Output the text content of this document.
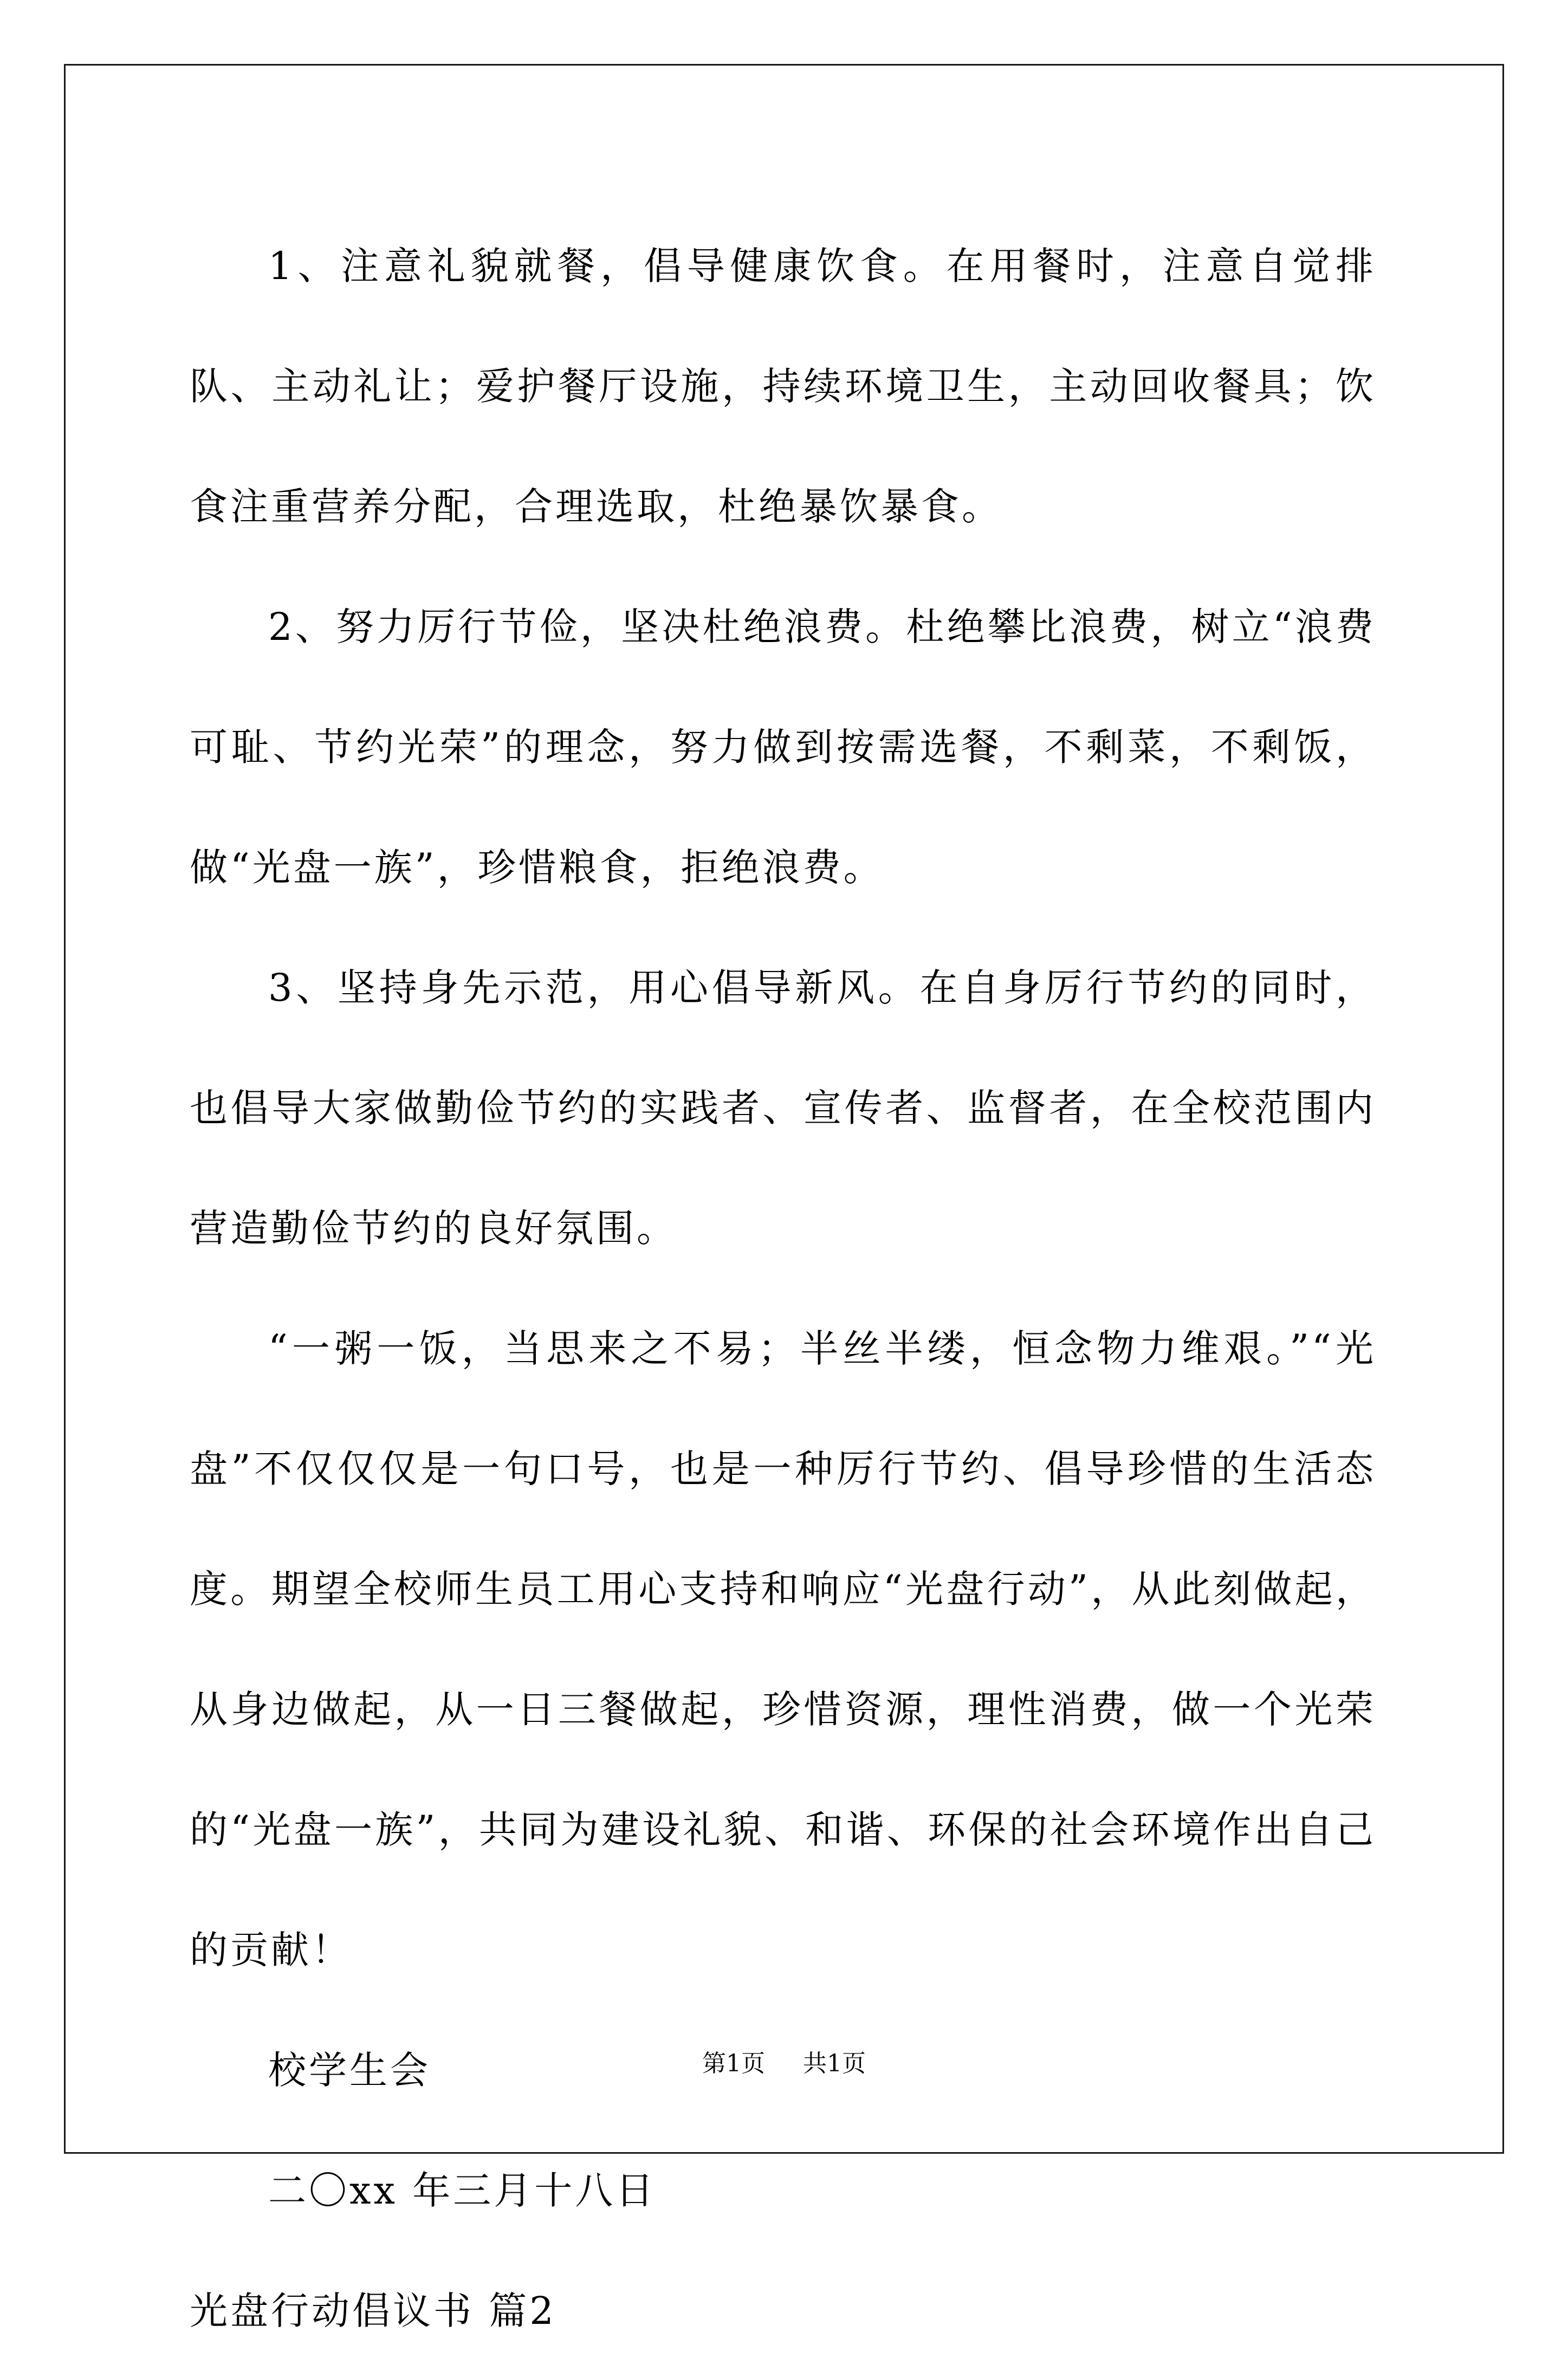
1、注意礼貌就餐，倡导健康饮食。在用餐时，注意自觉排队、主动礼让；爱护餐厅设施，持续环境卫生，主动回收餐具；饮食注重营养分配，合理选取，杜绝暴饮暴食。

2、努力厉行节俭，坚决杜绝浪费。杜绝攀比浪费，树立“浪费可耻、节约光荣”的理念，努力做到按需选餐，不剩菜，不剩饭，做“光盘一族”，珍惜粮食，拒绝浪费。

3、坚持身先示范，用心倡导新风。在自身厉行节约的同时，也倡导大家做勤俭节约的实践者、宣传者、监督者，在全校范围内营造勤俭节约的良好氛围。

“一粥一饭，当思来之不易；半丝半缕，恒念物力维艰。”“光盘”不仅仅仅是一句口号，也是一种厉行节约、倡导珍惜的生活态度。期望全校师生员工用心支持和响应“光盘行动”，从此刻做起，从身边做起，从一日三餐做起，珍惜资源，理性消费，做一个光荣的“光盘一族”，共同为建设礼貌、和谐、环保的社会环境作出自己的贡献！

校学生会

二〇xx 年三月十八日

光盘行动倡议书 篇2

第1页 共1页
